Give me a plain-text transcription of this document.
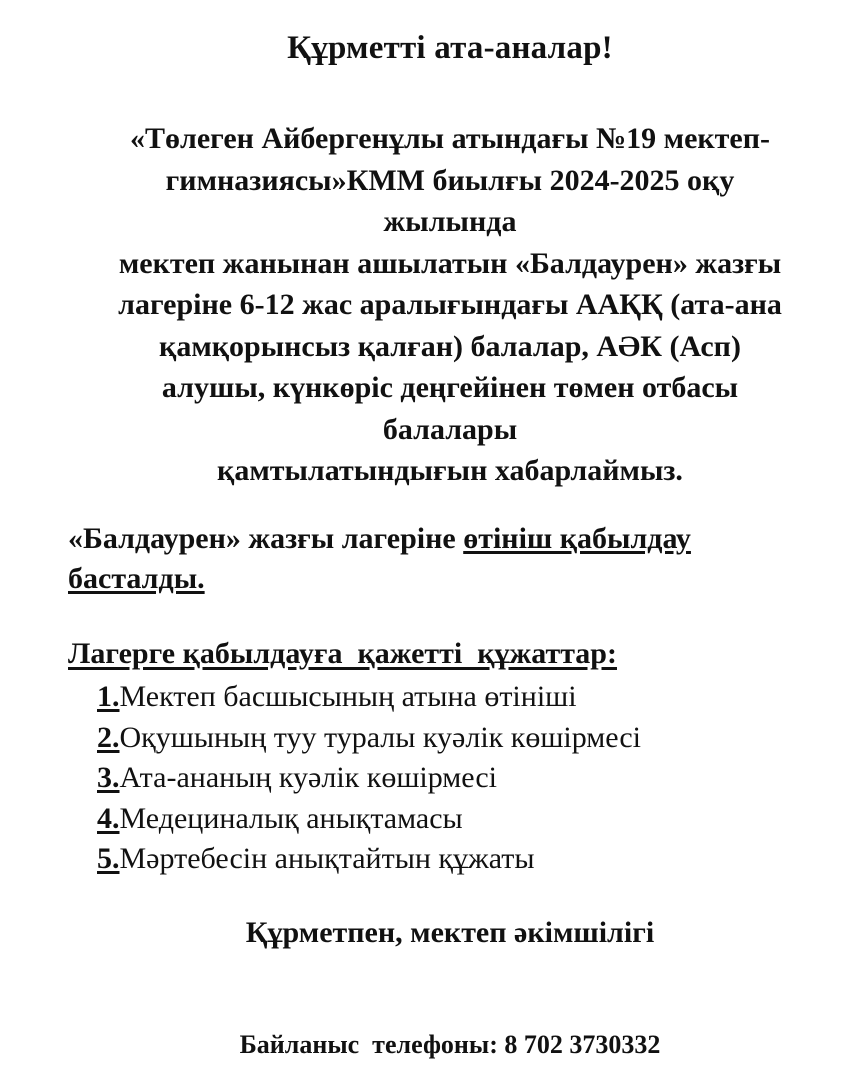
Құрметті ата-аналар!
«Төлеген Айбергенұлы атындағы №19 мектеп-
гимназиясы»КММ биылғы 2024-2025 оқу
жылында
мектеп жанынан ашылатын «Балдаурен» жазғы
лагеріне 6-12 жас аралығындағы ААҚҚ (ата-ана
қамқорынсыз қалған) балалар, АӘК (Асп)
алушы, күнкөріс деңгейінен төмен отбасы
балалары
қамтылатындығын хабарлаймыз.
«Балдаурен» жазғы лагеріне өтініш қабылдау
басталды.
Лагерге қабылдауға  қажетті  құжаттар:
1.Мектеп басшысының атына өтініші
2.Оқушының туу туралы куәлік көшірмесі
3.Ата-ананың куәлік көшірмесі
4.Медециналық анықтамасы
5.Мәртебесін анықтайтын құжаты
Құрметпен, мектеп әкімшілігі
Байланыс  телефоны: 8 702 3730332
